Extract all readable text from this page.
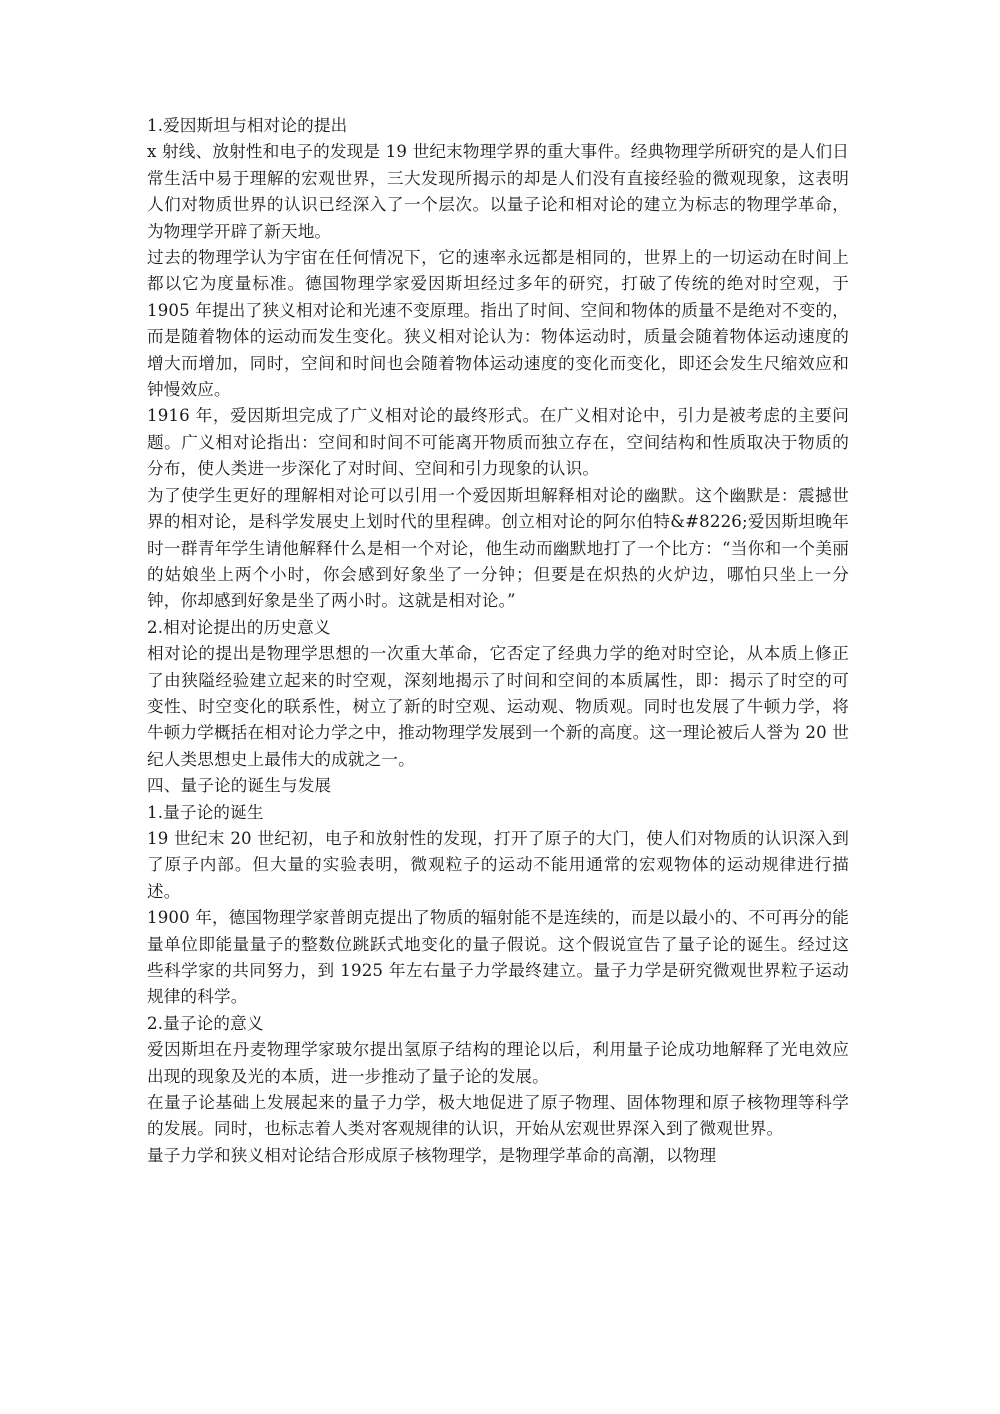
1.爱因斯坦与相对论的提出

x 射线、放射性和电子的发现是 19 世纪末物理学界的重大事件。经典物理学所研究的是人们日常生活中易于理解的宏观世界，三大发现所揭示的却是人们没有直接经验的微观现象，这表明人们对物质世界的认识已经深入了一个层次。以量子论和相对论的建立为标志的物理学革命，为物理学开辟了新天地。

过去的物理学认为宇宙在任何情况下，它的速率永远都是相同的，世界上的一切运动在时间上都以它为度量标准。德国物理学家爱因斯坦经过多年的研究，打破了传统的绝对时空观，于 1905 年提出了狭义相对论和光速不变原理。指出了时间、空间和物体的质量不是绝对不变的，而是随着物体的运动而发生变化。狭义相对论认为：物体运动时，质量会随着物体运动速度的增大而增加，同时，空间和时间也会随着物体运动速度的变化而变化，即还会发生尺缩效应和钟慢效应。

1916 年，爱因斯坦完成了广义相对论的最终形式。在广义相对论中，引力是被考虑的主要问题。广义相对论指出：空间和时间不可能离开物质而独立存在，空间结构和性质取决于物质的分布，使人类进一步深化了对时间、空间和引力现象的认识。

为了使学生更好的理解相对论可以引用一个爱因斯坦解释相对论的幽默。这个幽默是：震撼世界的相对论，是科学发展史上划时代的里程碑。创立相对论的阿尔伯特&#8226;爱因斯坦晚年时一群青年学生请他解释什么是相一个对论，他生动而幽默地打了一个比方：“当你和一个美丽的姑娘坐上两个小时，你会感到好象坐了一分钟；但要是在炽热的火炉边，哪怕只坐上一分钟，你却感到好象是坐了两小时。这就是相对论。”

2.相对论提出的历史意义

相对论的提出是物理学思想的一次重大革命，它否定了经典力学的绝对时空论，从本质上修正了由狭隘经验建立起来的时空观，深刻地揭示了时间和空间的本质属性，即：揭示了时空的可变性、时空变化的联系性，树立了新的时空观、运动观、物质观。同时也发展了牛顿力学，将牛顿力学概括在相对论力学之中，推动物理学发展到一个新的高度。这一理论被后人誉为 20 世纪人类思想史上最伟大的成就之一。

四、量子论的诞生与发展
1.量子论的诞生

19 世纪末 20 世纪初，电子和放射性的发现，打开了原子的大门，使人们对物质的认识深入到了原子内部。但大量的实验表明，微观粒子的运动不能用通常的宏观物体的运动规律进行描述。

1900 年，德国物理学家普朗克提出了物质的辐射能不是连续的，而是以最小的、不可再分的能量单位即能量量子的整数位跳跃式地变化的量子假说。这个假说宣告了量子论的诞生。经过这些科学家的共同努力，到 1925 年左右量子力学最终建立。量子力学是研究微观世界粒子运动规律的科学。

2.量子论的意义

爱因斯坦在丹麦物理学家玻尔提出氢原子结构的理论以后，利用量子论成功地解释了光电效应出现的现象及光的本质，进一步推动了量子论的发展。

在量子论基础上发展起来的量子力学，极大地促进了原子物理、固体物理和原子核物理等科学的发展。同时，也标志着人类对客观规律的认识，开始从宏观世界深入到了微观世界。

量子力学和狭义相对论结合形成原子核物理学，是物理学革命的高潮，以物理
